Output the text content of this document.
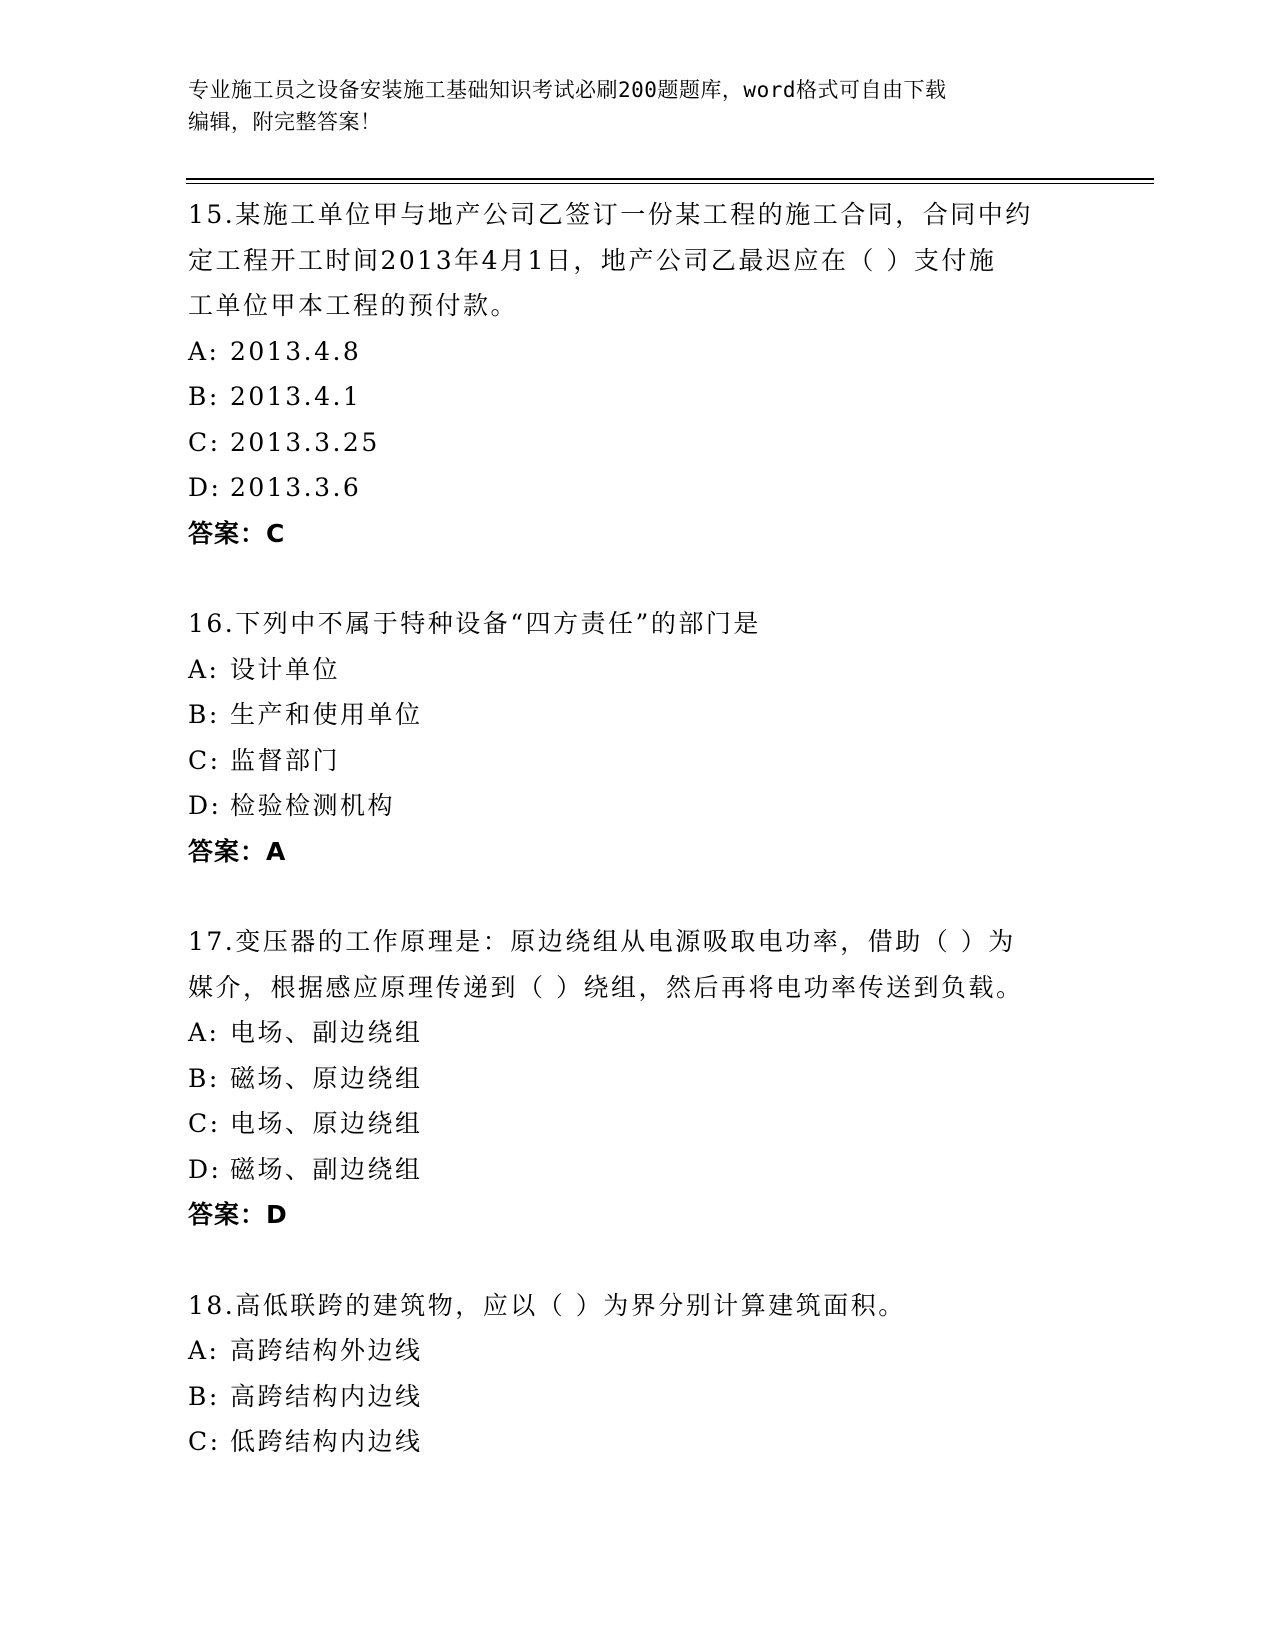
专业施工员之设备安装施工基础知识考试必刷200题题库，word格式可自由下载
编辑，附完整答案！
15.某施工单位甲与地产公司乙签订一份某工程的施工合同，合同中约
定工程开工时间2013年4月1日，地产公司乙最迟应在（ ）支付施
工单位甲本工程的预付款。
A: 2013.4.8
B: 2013.4.1
C: 2013.3.25
D: 2013.3.6
答案：C
16.下列中不属于特种设备“四方责任”的部门是
A: 设计单位
B: 生产和使用单位
C: 监督部门
D: 检验检测机构
答案：A
17.变压器的工作原理是：原边绕组从电源吸取电功率，借助（ ）为
媒介，根据感应原理传递到（ ）绕组，然后再将电功率传送到负载。
A: 电场、副边绕组
B: 磁场、原边绕组
C: 电场、原边绕组
D: 磁场、副边绕组
答案：D
18.高低联跨的建筑物，应以（ ）为界分别计算建筑面积。
A: 高跨结构外边线
B: 高跨结构内边线
C: 低跨结构内边线
